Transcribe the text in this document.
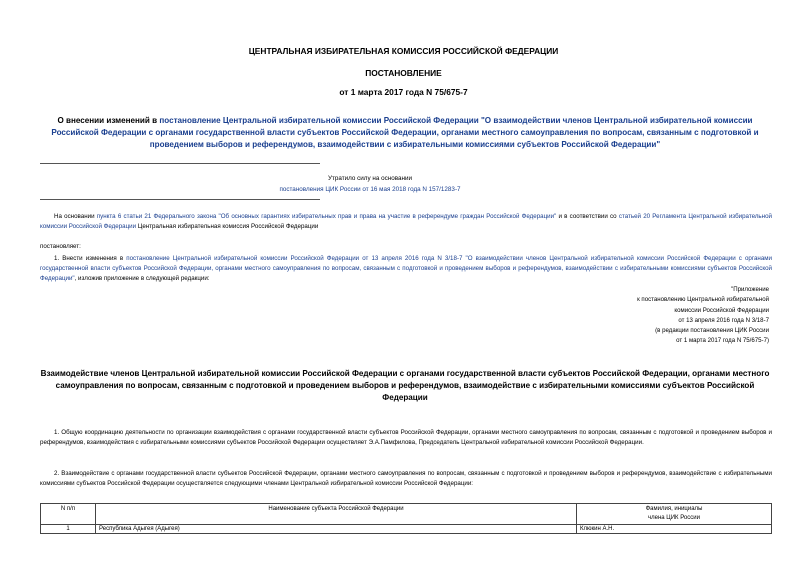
ЦЕНТРАЛЬНАЯ ИЗБИРАТЕЛЬНАЯ КОМИССИЯ РОССИЙСКОЙ ФЕДЕРАЦИИ
ПОСТАНОВЛЕНИЕ
от 1 марта 2017 года N 75/675-7
О внесении изменений в постановление Центральной избирательной комиссии Российской Федерации "О взаимодействии членов Центральной избирательной комиссии Российской Федерации с органами государственной власти субъектов Российской Федерации, органами местного самоуправления по вопросам, связанным с подготовкой и проведением выборов и референдумов, взаимодействии с избирательными комиссиями субъектов Российской Федерации"
Утратило силу на основании
постановления ЦИК России от 16 мая 2018 года N 157/1283-7
На основании пункта 6 статьи 21 Федерального закона "Об основных гарантиях избирательных прав и права на участие в референдуме граждан Российской Федерации" и в соответствии со статьей 20 Регламента Центральной избирательной комиссии Российской Федерации Центральная избирательная комиссия Российской Федерации
постановляет:
1. Внести изменения в постановление Центральной избирательной комиссии Российской Федерации от 13 апреля 2016 года N 3/18-7 "О взаимодействии членов Центральной избирательной комиссии Российской Федерации с органами государственной власти субъектов Российской Федерации, органами местного самоуправления по вопросам, связанным с подготовкой и проведением выборов и референдумов, взаимодействии с избирательными комиссиями субъектов Российской Федерации", изложив приложение в следующей редакции:
"Приложение
к постановлению Центральной избирательной
комиссии Российской Федерации
от 13 апреля 2016 года N 3/18-7
(в редакции постановления ЦИК России
от 1 марта 2017 года N 75/675-7)
Взаимодействие членов Центральной избирательной комиссии Российской Федерации с органами государственной власти субъектов Российской Федерации, органами местного самоуправления по вопросам, связанным с подготовкой и проведением выборов и референдумов, взаимодействие с избирательными комиссиями субъектов Российской Федерации
1. Общую координацию деятельности по организации взаимодействия с органами государственной власти субъектов Российской Федерации, органами местного самоуправления по вопросам, связанным с подготовкой и проведением выборов и референдумов, взаимодействия с избирательными комиссиями субъектов Российской Федерации осуществляет Э.А.Памфилова, Председатель Центральной избирательной комиссии Российской Федерации.
2. Взаимодействие с органами государственной власти субъектов Российской Федерации, органами местного самоуправления по вопросам, связанным с подготовкой и проведением выборов и референдумов, взаимодействие с избирательными комиссиями субъектов Российской Федерации осуществляется следующими членами Центральной избирательной комиссии Российской Федерации:
N п/п	Наименование субъекта Российской Федерации	Фамилия, инициалы
члена ЦИК России

1	Республика Адыгея (Адыгея)	Клюкин А.Н.
